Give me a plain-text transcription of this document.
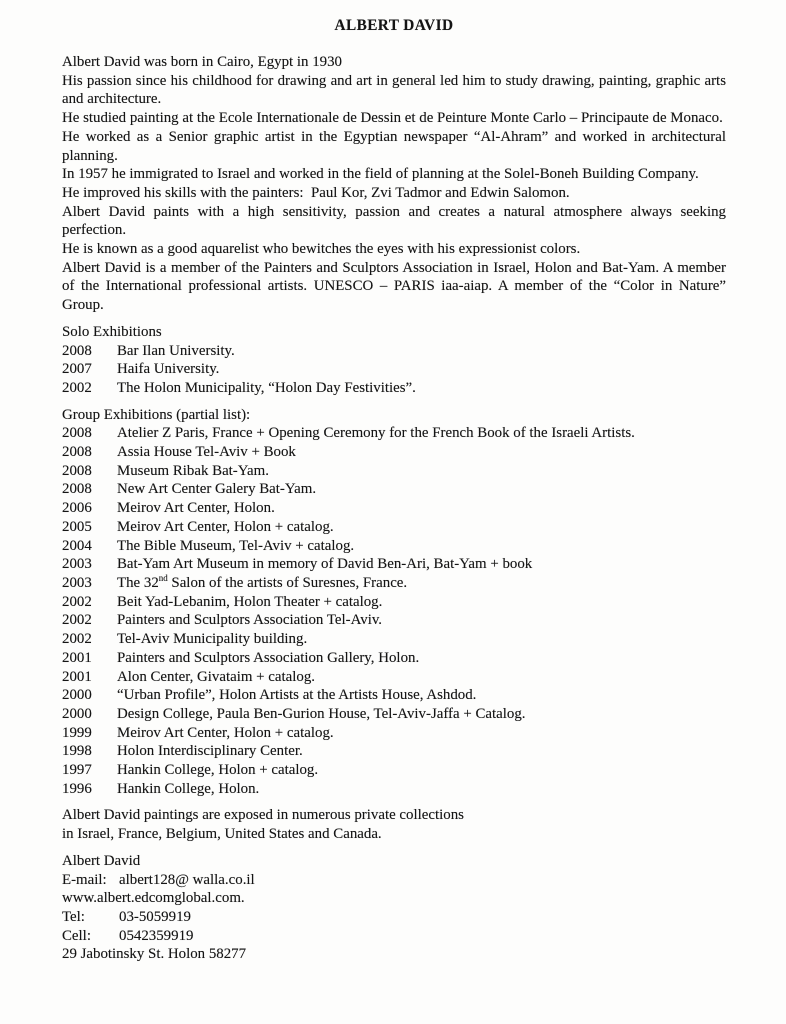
ALBERT DAVID

Albert David was born in Cairo, Egypt in 1930

His passion since his childhood for drawing and art in general led him to study drawing, painting, graphic arts and architecture.

He studied painting at the Ecole Internationale de Dessin et de Peinture Monte Carlo – Principaute de Monaco.

He worked as a Senior graphic artist in the Egyptian newspaper “Al-Ahram” and worked in architectural planning.

In 1957 he immigrated to Israel and worked in the field of planning at the Solel-Boneh Building Company.

He improved his skills with the painters:  Paul Kor, Zvi Tadmor and Edwin Salomon.

Albert David paints with a high sensitivity, passion and creates a natural atmosphere always seeking perfection.

He is known as a good aquarelist who bewitches the eyes with his expressionist colors.

Albert David is a member of the Painters and Sculptors Association in Israel, Holon and Bat-Yam. A member of the International professional artists. UNESCO – PARIS iaa-aiap. A member of the “Color in Nature” Group.

Solo Exhibitions
2008	Bar Ilan University.
2007	Haifa University.
2002	The Holon Municipality, “Holon Day Festivities”.
Group Exhibitions (partial list):
2008	Atelier Z Paris, France + Opening Ceremony for the French Book of the Israeli Artists.
2008	Assia House Tel-Aviv + Book
2008	Museum Ribak Bat-Yam.
2008	New Art Center Galery Bat-Yam.
2006	Meirov Art Center, Holon.
2005	Meirov Art Center, Holon + catalog.
2004	The Bible Museum, Tel-Aviv + catalog.
2003	Bat-Yam Art Museum in memory of David Ben-Ari, Bat-Yam + book
2003	The 32nd Salon of the artists of Suresnes, France.
2002	Beit Yad-Lebanim, Holon Theater + catalog.
2002	Painters and Sculptors Association Tel-Aviv.
2002	Tel-Aviv Municipality building.
2001	Painters and Sculptors Association Gallery, Holon.
2001	Alon Center, Givataim + catalog.
2000	“Urban Profile”, Holon Artists at the Artists House, Ashdod.
2000	Design College, Paula Ben-Gurion House, Tel-Aviv-Jaffa + Catalog.
1999	Meirov Art Center, Holon + catalog.
1998	Holon Interdisciplinary Center.
1997	Hankin College, Holon + catalog.
1996	Hankin College, Holon.
Albert David paintings are exposed in numerous private collections
in Israel, France, Belgium, United States and Canada.
Albert David
E-mail: albert128@ walla.co.il
www.albert.edcomglobal.com.
Tel:	03-5059919
Cell:	0542359919
29 Jabotinsky St. Holon 58277
